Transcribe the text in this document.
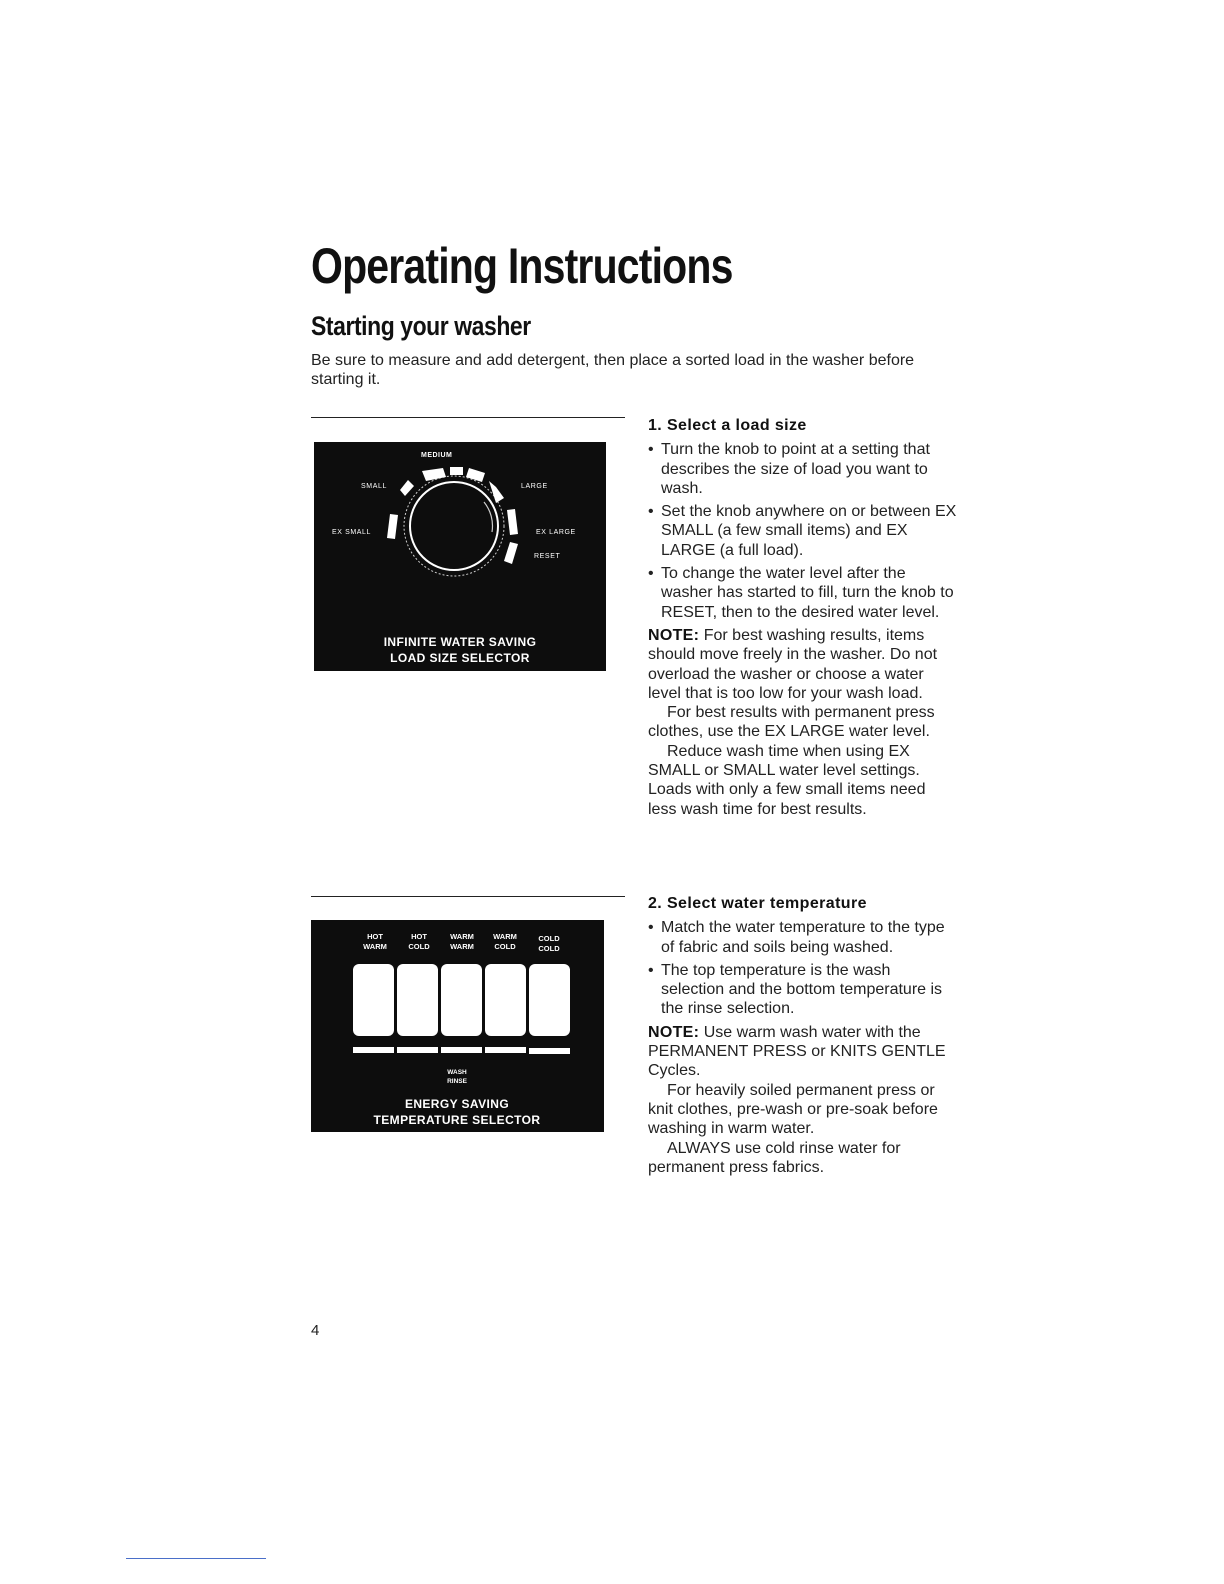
Operating Instructions
Starting your washer

Be sure to measure and add detergent, then place a sorted load in the washer before starting it.

MEDIUM
SMALL	LARGE
EX SMALL	EX LARGE
RESET
INFINITE WATER SAVING
LOAD SIZE SELECTOR
HOT
WARM
HOT
COLD
WARM
WARM
WARM
COLD
COLD
COLD
WASH
RINSE
ENERGY SAVING
TEMPERATURE SELECTOR
1. Select a load size
• Turn the knob to point at a setting that describes the size of load you want to wash.
• Set the knob anywhere on or between EX SMALL (a few small items) and EX LARGE (a full load).
• To change the water level after the washer has started to fill, turn the knob to RESET, then to the desired water level.

NOTE: For best washing results, items should move freely in the washer. Do not overload the washer or choose a water level that is too low for your wash load.

For best results with permanent press clothes, use the EX LARGE water level.

Reduce wash time when using EX SMALL or SMALL water level settings. Loads with only a few small items need less wash time for best results.

2. Select water temperature
• Match the water temperature to the type of fabric and soils being washed.
• The top temperature is the wash selection and the bottom temperature is the rinse selection.

NOTE: Use warm wash water with the PERMANENT PRESS or KNITS GENTLE Cycles.

For heavily soiled permanent press or knit clothes, pre-wash or pre-soak before washing in warm water.

ALWAYS use cold rinse water for permanent press fabrics.

4
